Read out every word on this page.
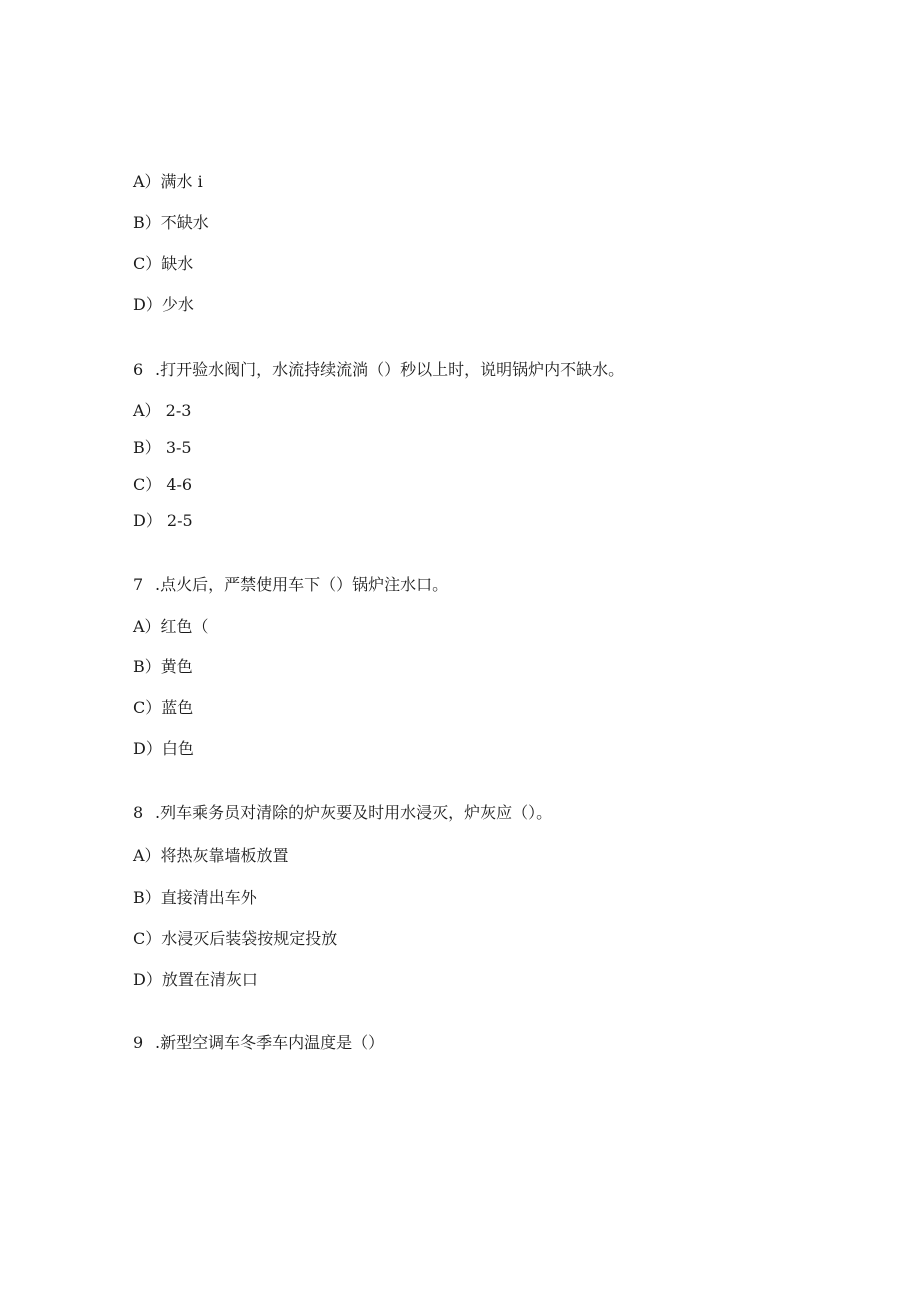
A）满水 i
B）不缺水
C）缺水
D）少水
6 .打开验水阀门，水流持续流淌（）秒以上时，说明锅炉内不缺水。
A） 2-3
B） 3-5
C） 4-6
D） 2-5
7 .点火后，严禁使用车下（）锅炉注水口。
A）红色（
B）黄色
C）蓝色
D）白色
8 .列车乘务员对清除的炉灰要及时用水浸灭，炉灰应（）。
A）将热灰靠墙板放置
B）直接清出车外
C）水浸灭后装袋按规定投放
D）放置在清灰口
9 .新型空调车冬季车内温度是（）
